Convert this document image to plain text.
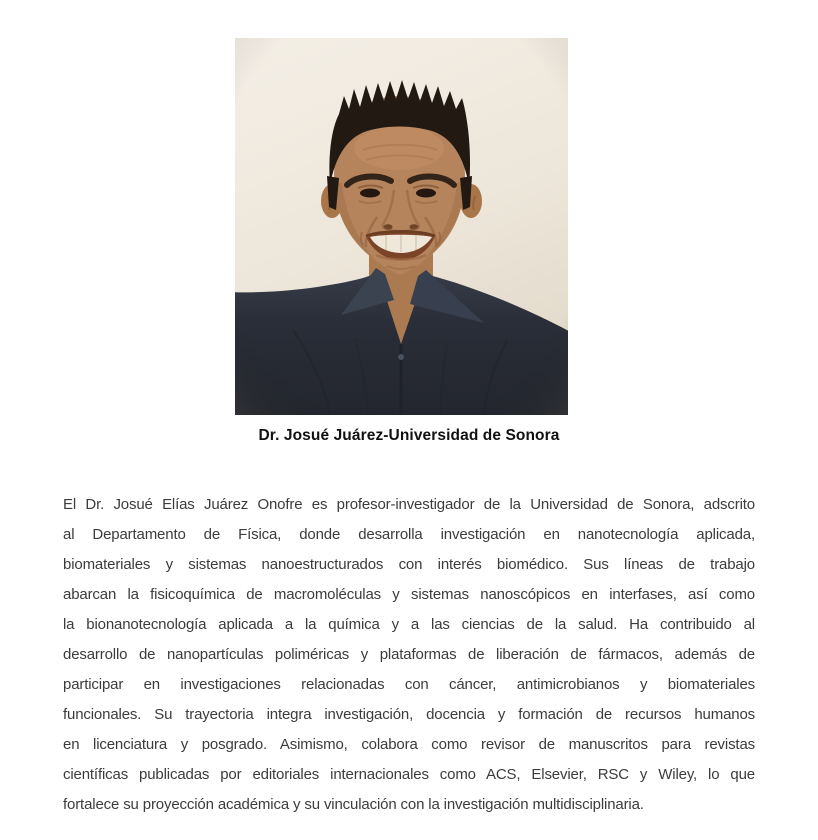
Dr. Josué Juárez-Universidad de Sonora
El Dr. Josué Elías Juárez Onofre es profesor-investigador de la Universidad de Sonora, adscrito
al Departamento de Física, donde desarrolla investigación en nanotecnología aplicada,
biomateriales y sistemas nanoestructurados con interés biomédico. Sus líneas de trabajo
abarcan la fisicoquímica de macromoléculas y sistemas nanoscópicos en interfases, así como
la bionanotecnología aplicada a la química y a las ciencias de la salud. Ha contribuido al
desarrollo de nanopartículas poliméricas y plataformas de liberación de fármacos, además de
participar en investigaciones relacionadas con cáncer, antimicrobianos y biomateriales
funcionales. Su trayectoria integra investigación, docencia y formación de recursos humanos
en licenciatura y posgrado. Asimismo, colabora como revisor de manuscritos para revistas
científicas publicadas por editoriales internacionales como ACS, Elsevier, RSC y Wiley, lo que
fortalece su proyección académica y su vinculación con la investigación multidisciplinaria.
